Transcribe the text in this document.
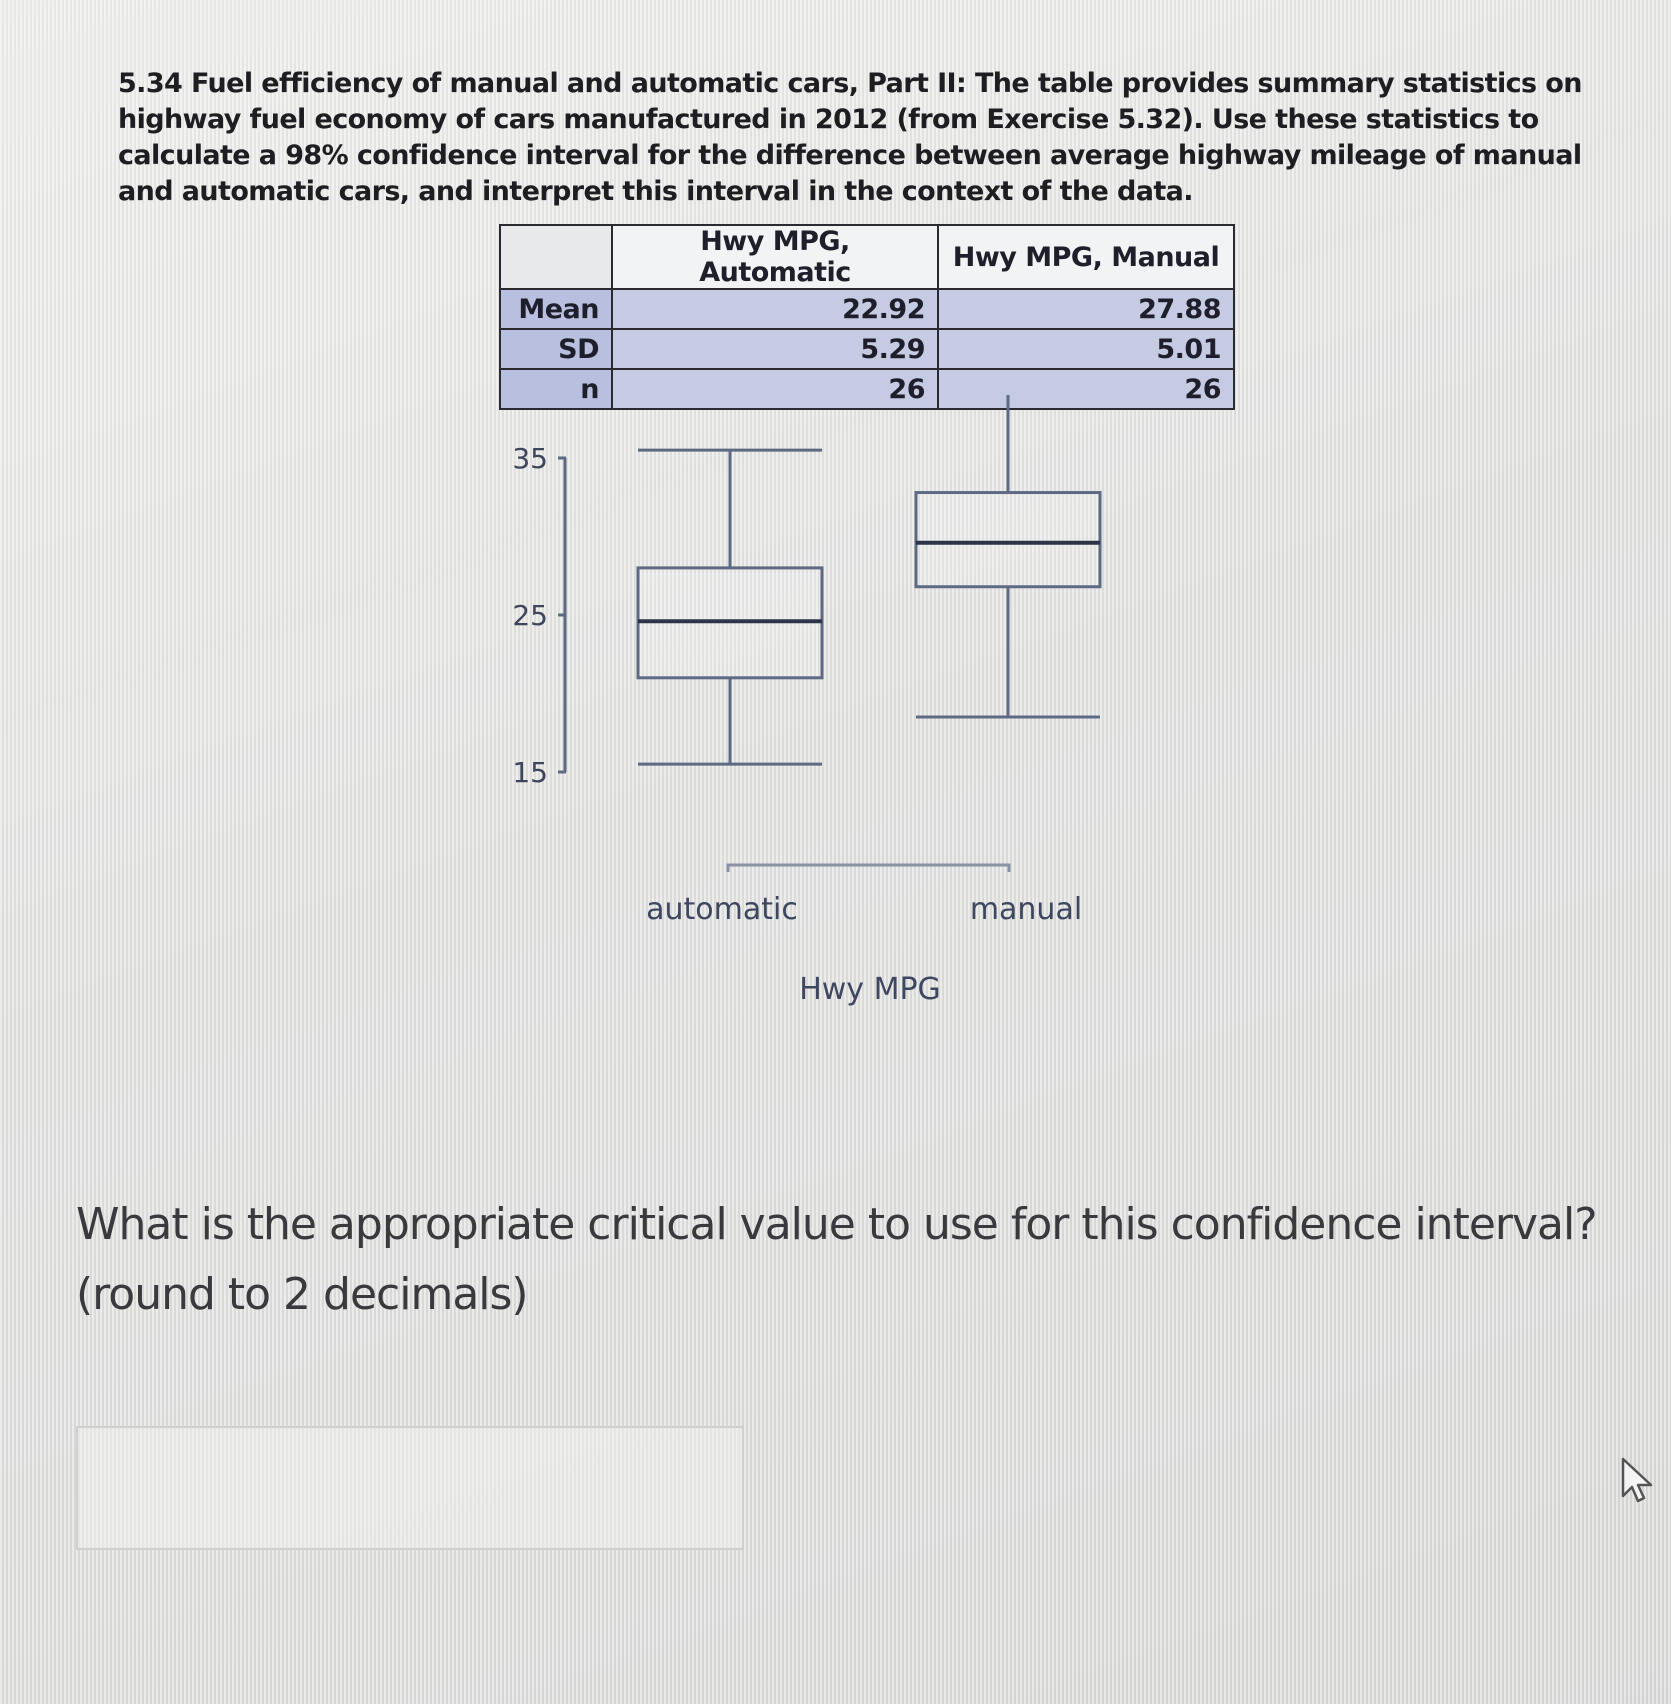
5.34 Fuel efficiency of manual and automatic cars, Part II: The table provides summary statistics on highway fuel economy of cars manufactured in 2012 (from Exercise 5.32). Use these statistics to calculate a 98% confidence interval for the difference between average highway mileage of manual and automatic cars, and interpret this interval in the context of the data.
	Hwy MPG, Automatic	Hwy MPG, Manual
Mean	22.92	27.88
SD	5.29	5.01
n	26	26
15
25
35
automatic	manual
Hwy MPG
What is the appropriate critical value to use for this confidence interval? (round to 2 decimals)
